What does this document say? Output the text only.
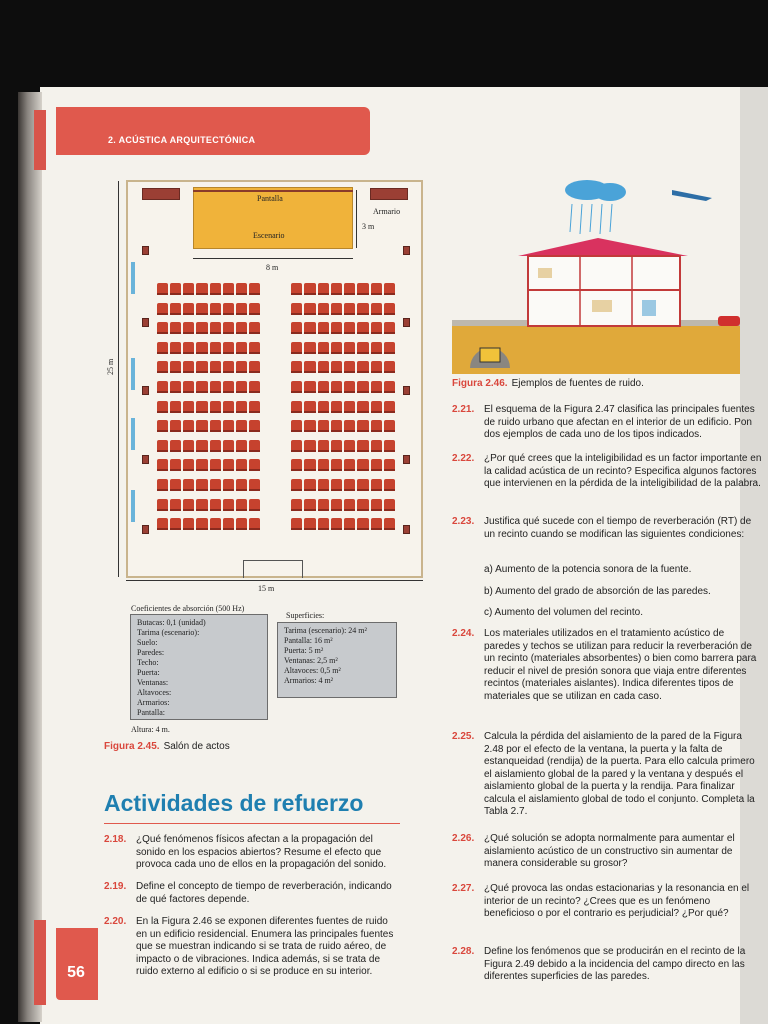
2. ACÚSTICA ARQUITECTÓNICA
Pantalla
Escenario
Armario
3 m
8 m
25 m
15 m
Coeficientes de absorción (500 Hz)
Butacas: 0,1 (unidad)
Tarima (escenario):
Suelo:
Paredes:
Techo:
Puerta:
Ventanas:
Altavoces:
Armarios:
Pantalla:
Superficies:
Tarima (escenario): 24 m²
Pantalla: 16 m²
Puerta: 5 m²
Ventanas: 2,5 m²
Altavoces: 0,5 m²
Armarios: 4 m²
Altura: 4 m.
Figura 2.45. Salón de actos
Figura 2.46. Ejemplos de fuentes de ruido.
Actividades de refuerzo
2.18. ¿Qué fenómenos físicos afectan a la propagación del sonido en los espacios abiertos? Resume el efecto que provoca cada uno de ellos en la propagación del sonido.
2.19. Define el concepto de tiempo de reverberación, indicando de qué factores depende.
2.20. En la Figura 2.46 se exponen diferentes fuentes de ruido en un edificio residencial. Enumera las principales fuentes que se muestran indicando si se trata de ruido aéreo, de impacto o de vibraciones. Indica además, si se trata de ruido externo al edificio o si se produce en su interior.
2.21. El esquema de la Figura 2.47 clasifica las principales fuentes de ruido urbano que afectan en el interior de un edificio. Pon dos ejemplos de cada uno de los tipos indicados.
2.22. ¿Por qué crees que la inteligibilidad es un factor importante en la calidad acústica de un recinto? Especifica algunos factores que intervienen en la pérdida de la inteligibilidad de la palabra.
2.23. Justifica qué sucede con el tiempo de reverberación (RT) de un recinto cuando se modifican las siguientes condiciones:
a) Aumento de la potencia sonora de la fuente.
b) Aumento del grado de absorción de las paredes.
c) Aumento del volumen del recinto.
2.24. Los materiales utilizados en el tratamiento acústico de paredes y techos se utilizan para reducir la reverberación de un recinto (materiales absorbentes) o bien como barrera para reducir el nivel de presión sonora que viaja entre diferentes recintos (materiales aislantes). Indica diferentes tipos de materiales que se utilizan en cada caso.
2.25. Calcula la pérdida del aislamiento de la pared de la Figura 2.48 por el efecto de la ventana, la puerta y la falta de estanqueidad (rendija) de la puerta. Para ello calcula primero el aislamiento global de la pared y la ventana y después el aislamiento global de la puerta y la rendija. Para finalizar calcula el aislamiento global de todo el conjunto. Completa la Tabla 2.7.
2.26. ¿Qué solución se adopta normalmente para aumentar el aislamiento acústico de un constructivo sin aumentar de manera considerable su grosor?
2.27. ¿Qué provoca las ondas estacionarias y la resonancia en el interior de un recinto? ¿Crees que es un fenómeno beneficioso o por el contrario es perjudicial? ¿Por qué?
2.28. Define los fenómenos que se producirán en el recinto de la Figura 2.49 debido a la incidencia del campo directo en las diferentes superficies de las paredes.
56
